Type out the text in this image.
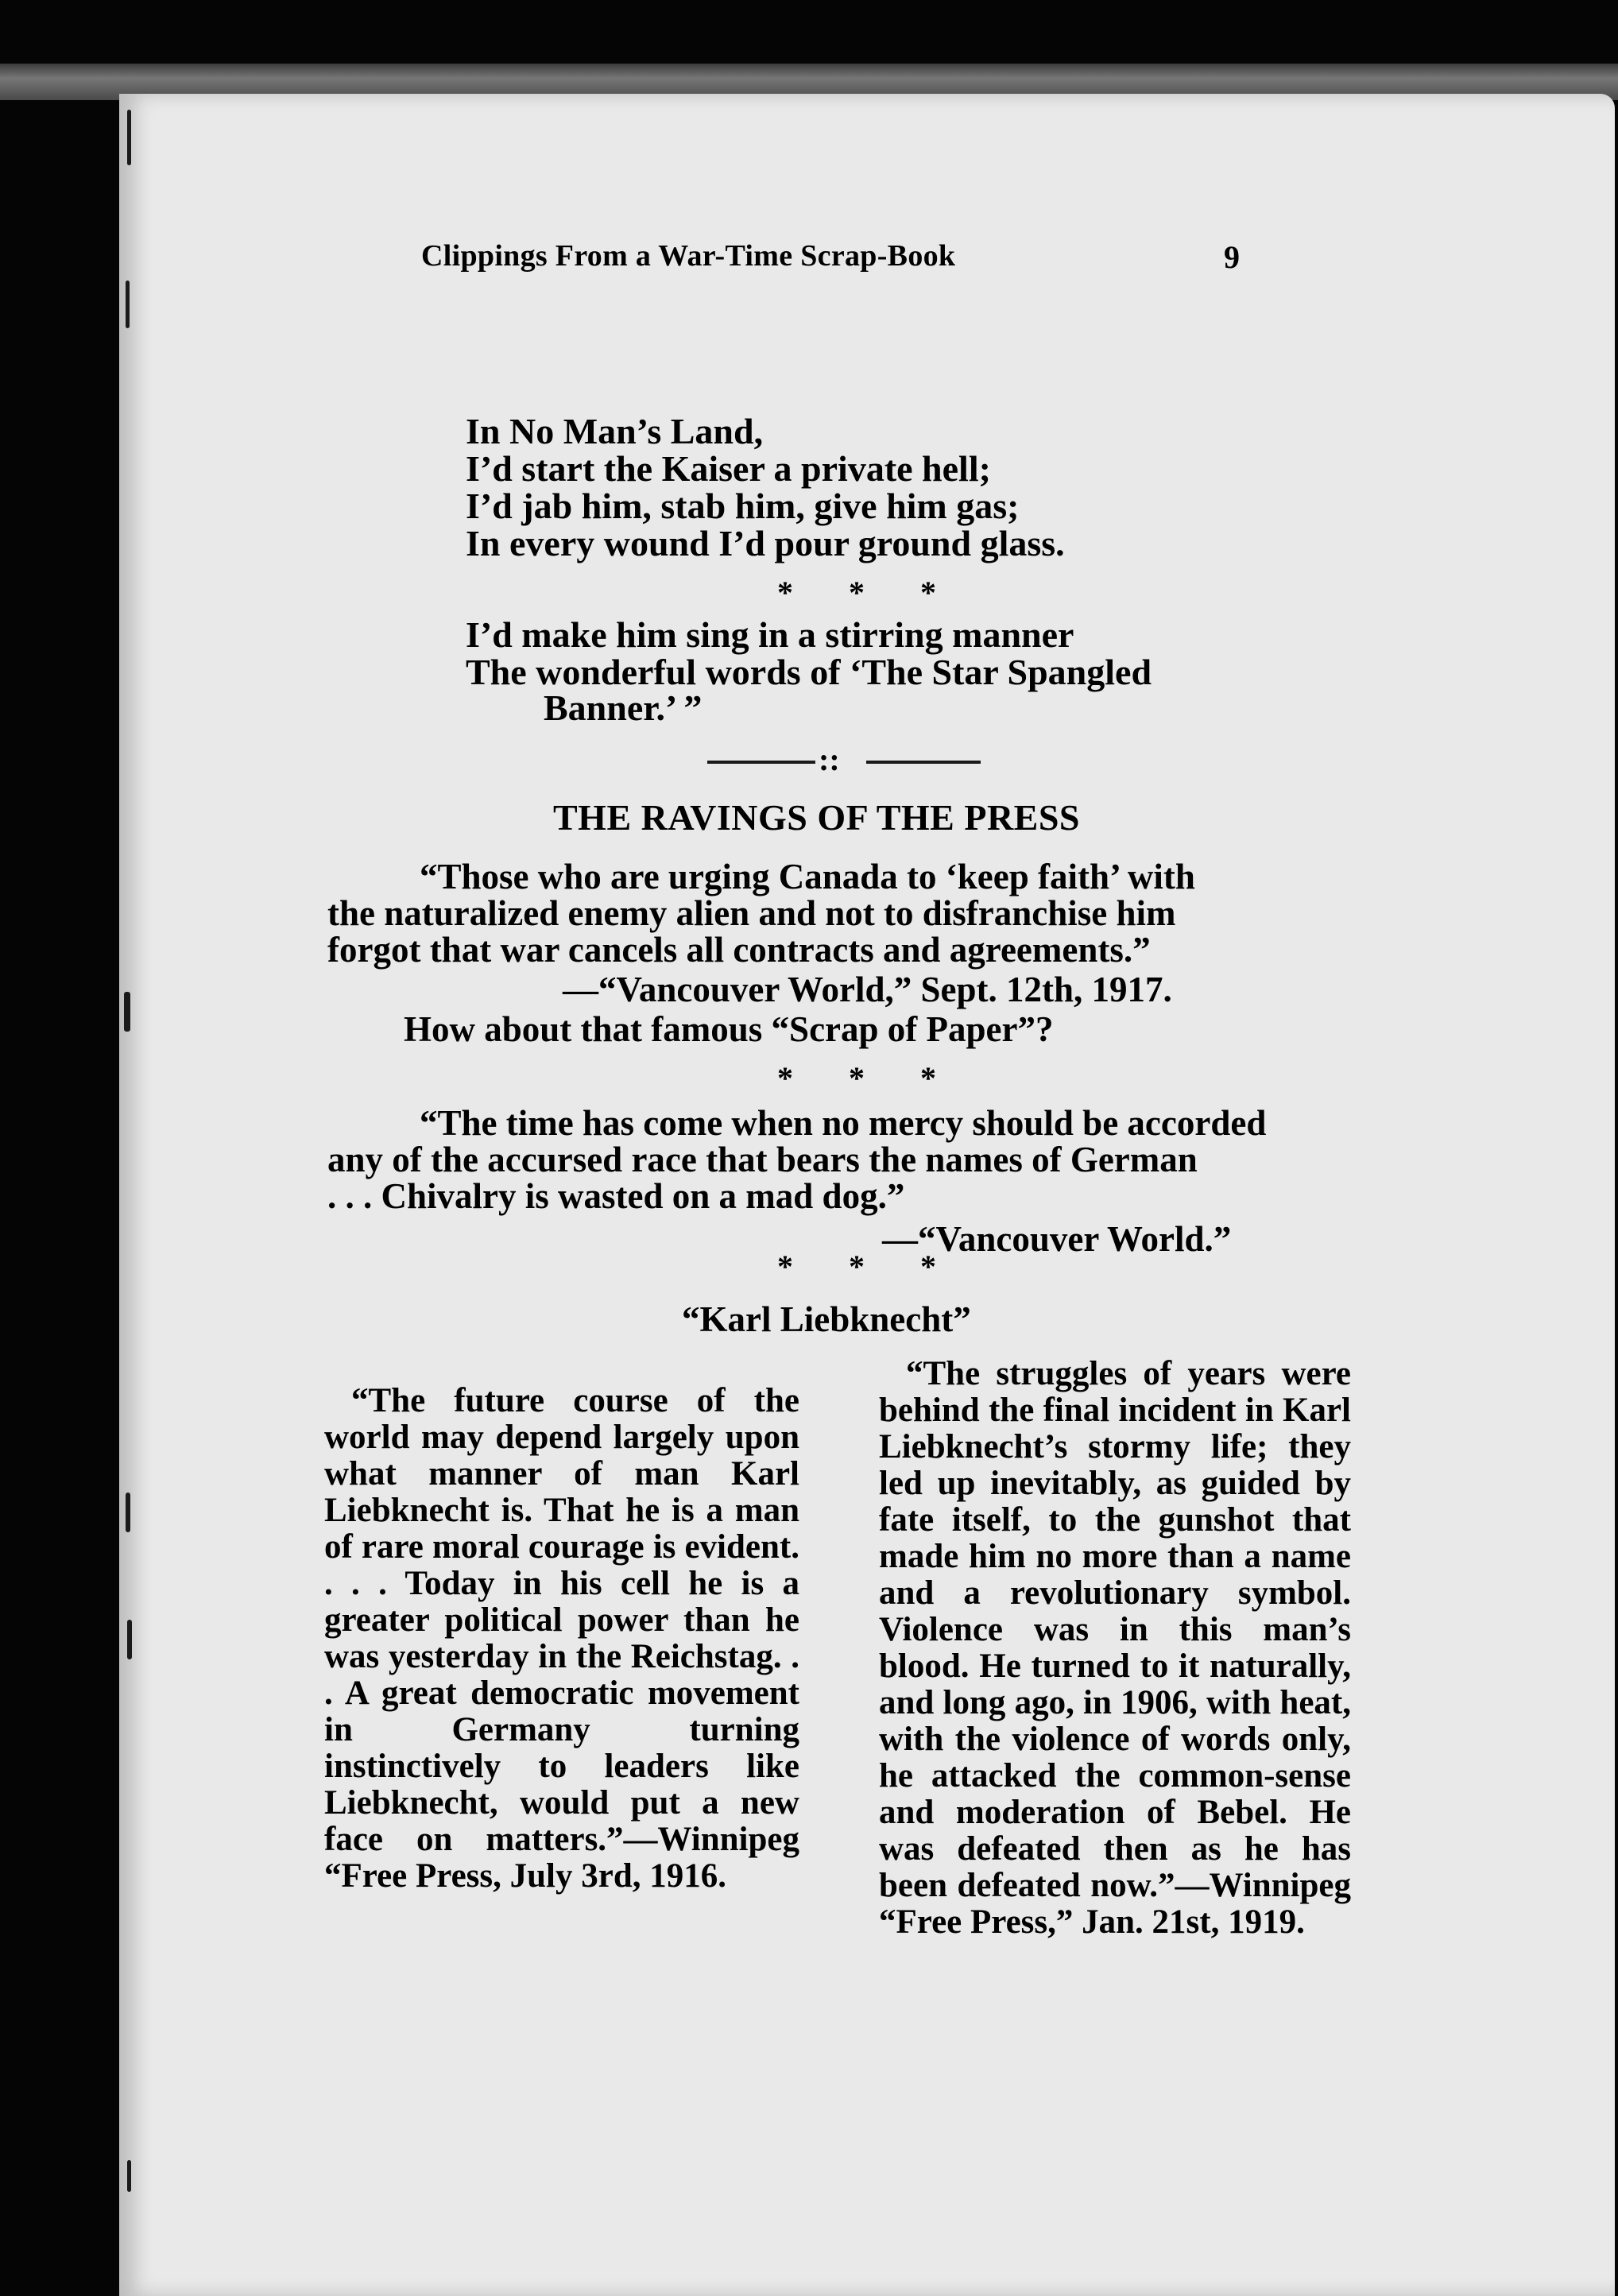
Clippings From a War-Time Scrap-Book	9
In No Man’s Land,
I’d start the Kaiser a private hell;
I’d jab him, stab him, give him gas;
In every wound I’d pour ground glass.
* * *
I’d make him sing in a stirring manner
The wonderful words of ‘The Star Spangled
Banner.’ ”
::
THE RAVINGS OF THE PRESS
“Those who are urging Canada to ‘keep faith’ with
the naturalized enemy alien and not to disfranchise him
forgot that war cancels all contracts and agreements.”
—“Vancouver World,” Sept. 12th, 1917.
How about that famous “Scrap of Paper”?
* * *
“The time has come when no mercy should be accorded
any of the accursed race that bears the names of German
. . . Chivalry is wasted on a mad dog.”
—“Vancouver World.”
* * *
“Karl Liebknecht”

“The future course of the world may depend largely upon what manner of man Karl Liebknecht is. That he is a man of rare moral courage is evident. . . . Today in his cell he is a greater political power than he was yesterday in the Reichstag. . . A great democratic movement in Germany turning instinctively to leaders like Liebknecht, would put a new face on matters.”—Winnipeg “Free Press, July 3rd, 1916.

“The struggles of years were behind the final incident in Karl Liebknecht’s stormy life; they led up inevitably, as guided by fate itself, to the gunshot that made him no more than a name and a revolutionary symbol. Violence was in this man’s blood. He turned to it naturally, and long ago, in 1906, with heat, with the violence of words only, he attacked the common-sense and moderation of Bebel. He was defeated then as he has been defeated now.”—Winnipeg “Free Press,” Jan. 21st, 1919.
